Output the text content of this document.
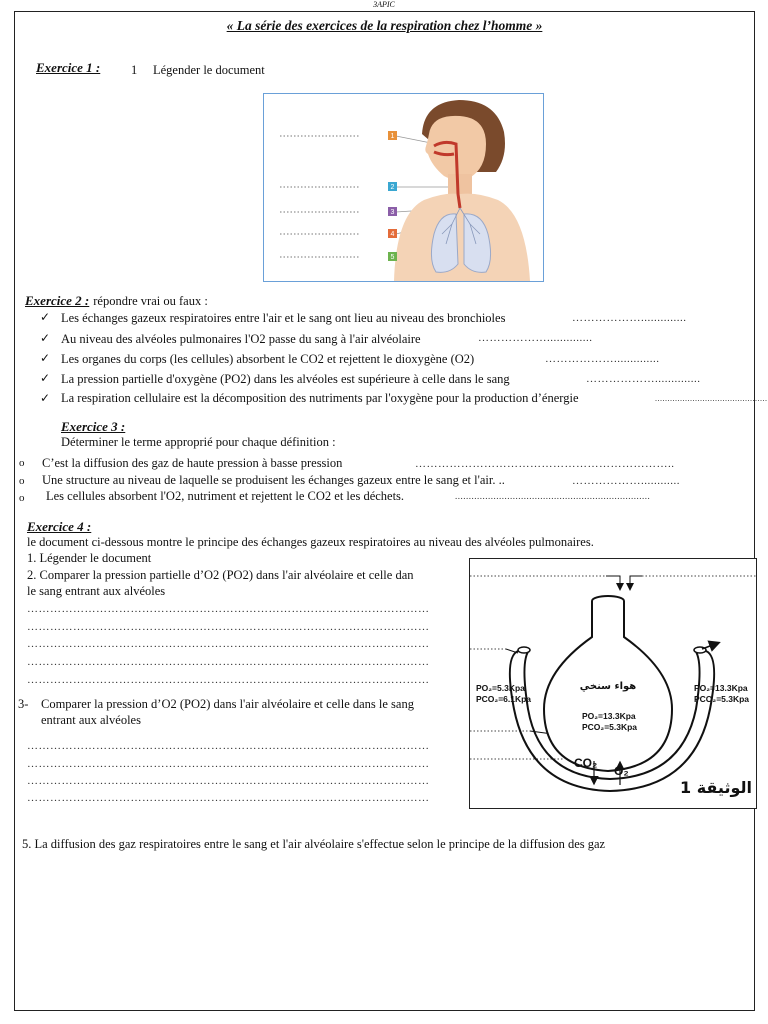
3APIC
« La série des exercices de la respiration chez l’homme »
Exercice 1 : 1 Légender le document
1
2
3
4
5
Exercice 2 : répondre vrai ou faux :
✓ Les échanges gazeux respiratoires entre l'air et le sang ont lieu au niveau des bronchioles	………………..............
✓ Au niveau des alvéoles pulmonaires l'O2 passe du sang à l'air alvéolaire	………………..............
✓ Les organes du corps (les cellules) absorbent le CO2 et rejettent le dioxygène (O2)	………………..............
✓ La pression partielle d'oxygène (PO2) dans les alvéoles est supérieure à celle dans le sang	………………..............
✓ La respiration cellulaire est la décomposition des nutriments par l'oxygène pour la production d’énergie	.............................................
Exercice 3 :
Déterminer le terme approprié pour chaque définition :
o C’est la diffusion des gaz de haute pression à basse pression	…………………………………………………………..
o Une structure au niveau de laquelle se produisent les échanges gazeux entre le sang et l'air. ..	………………............
o Les cellules absorbent l'O2, nutriment et rejettent le CO2 et les déchets.	.......................................................................
Exercice 4 :
le document ci-dessous montre le principe des échanges gazeux respiratoires au niveau des alvéoles pulmonaires.
1. Légender le document
2. Comparer la pression partielle d’O2 (PO2) dans l'air alvéolaire et celle dan
le sang entrant aux alvéoles
……………………………………………………………………………………………
……………………………………………………………………………………………
……………………………………………………………………………………………
……………………………………………………………………………………………
……………………………………………………………………………………………
3- Comparer la pression d’O2 (PO2) dans l'air alvéolaire et celle dans le sang
entrant aux alvéoles
……………………………………………………………………………………………
……………………………………………………………………………………………
……………………………………………………………………………………………
……………………………………………………………………………………………
5. La diffusion des gaz respiratoires entre le sang et l'air alvéolaire s'effectue selon le principe de la diffusion des gaz
PO₂=5.3Kpa
PCO₂=6.1Kpa
PO₂=13.3Kpa
PCO₂=5.3Kpa
PO₂=13.3Kpa
PCO₂=5.3Kpa
هواء سنخي
CO₂
O₂
الوثيقة 1
